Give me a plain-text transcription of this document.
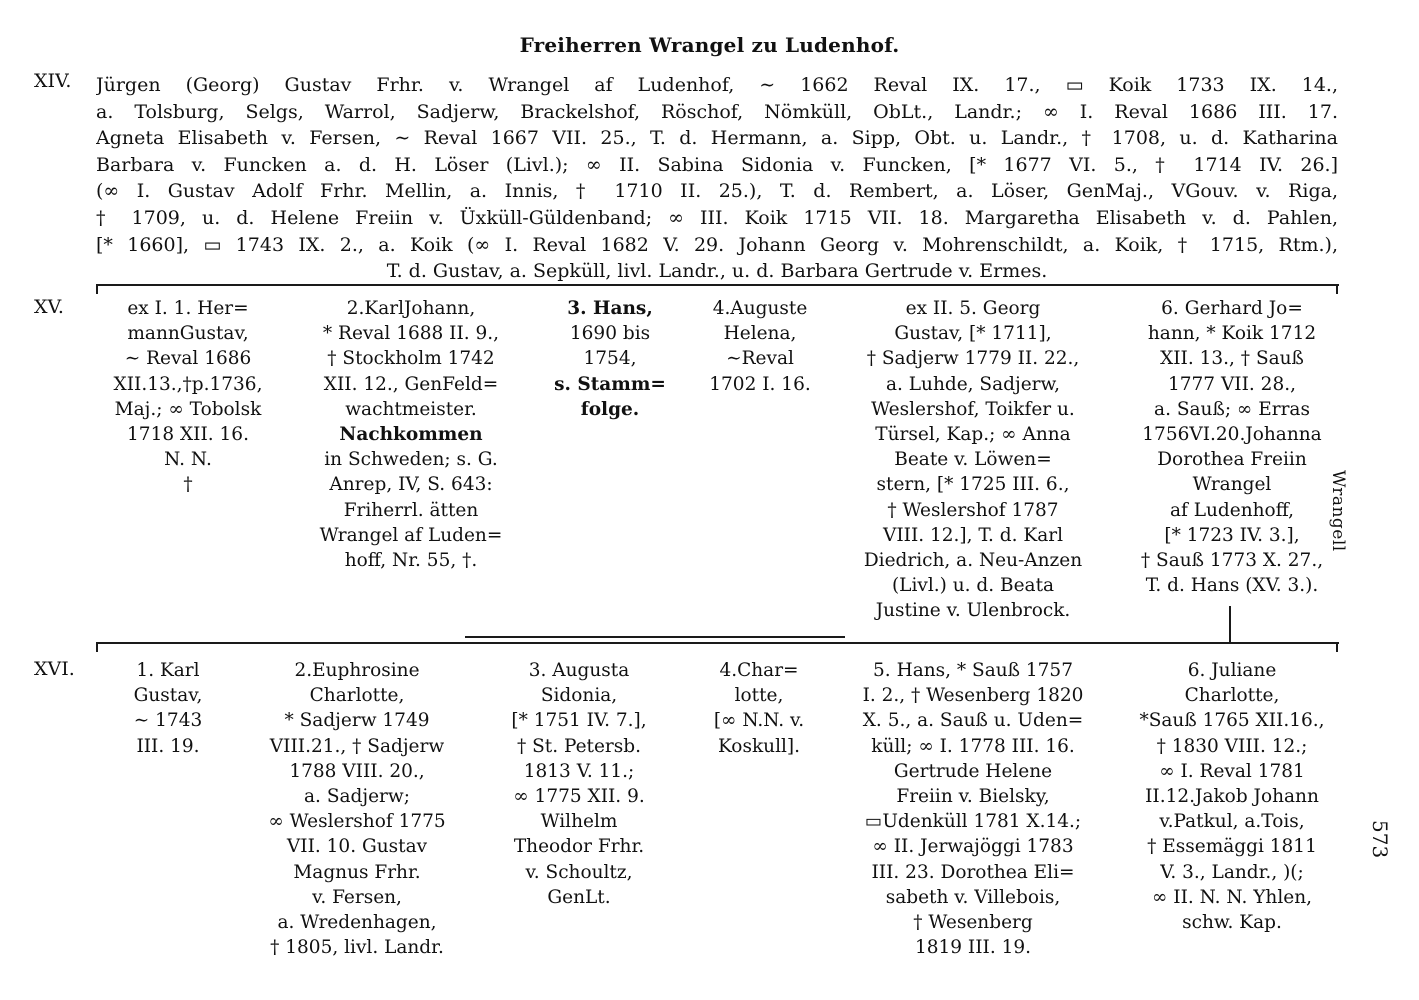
Freiherren Wrangel zu Ludenhof.
XIV. Jürgen (Georg) Gustav Frhr. v. Wrangel af Ludenhof, ∼ 1662 Reval IX. 17., ▭ Koik 1733 IX. 14.,
a. Tolsburg, Selgs, Warrol, Sadjerw, Brackelshof, Röschof, Nömküll, ObLt., Landr.; ∞ I. Reval 1686 III. 17.
Agneta Elisabeth v. Fersen, ∼ Reval 1667 VII. 25., T. d. Hermann, a. Sipp, Obt. u. Landr., † 1708, u. d. Katharina
Barbara v. Funcken a. d. H. Löser (Livl.); ∞ II. Sabina Sidonia v. Funcken, [* 1677 VI. 5., † 1714 IV. 26.]
(∞ I. Gustav Adolf Frhr. Mellin, a. Innis, † 1710 II. 25.), T. d. Rembert, a. Löser, GenMaj., VGouv. v. Riga,
† 1709, u. d. Helene Freiin v. Üxküll-Güldenband; ∞ III. Koik 1715 VII. 18. Margaretha Elisabeth v. d. Pahlen,
[* 1660], ▭ 1743 IX. 2., a. Koik (∞ I. Reval 1682 V. 29. Johann Georg v. Mohrenschildt, a. Koik, † 1715, Rtm.),
T. d. Gustav, a. Sepküll, livl. Landr., u. d. Barbara Gertrude v. Ermes.
XV.	ex I. 1. Her=
mannGustav,
∼ Reval 1686
XII.13.,†p.1736,
Maj.; ∞ Tobolsk
1718 XII. 16.
N. N.
†
2.KarlJohann,
* Reval 1688 II. 9.,
† Stockholm 1742
XII. 12., GenFeld=
wachtmeister.
Nachkommen
in Schweden; s. G.
Anrep, IV, S. 643:
Friherrl. ätten
Wrangel af Luden=
hoff, Nr. 55, †.
3. Hans,
1690 bis
1754,
s. Stamm=
folge.
4.Auguste
Helena,
∼Reval
1702 I. 16.
ex II. 5. Georg
Gustav, [* 1711],
† Sadjerw 1779 II. 22.,
a. Luhde, Sadjerw,
Weslershof, Toikfer u.
Türsel, Kap.; ∞ Anna
Beate v. Löwen=
stern, [* 1725 III. 6.,
† Weslershof 1787
VIII. 12.], T. d. Karl
Diedrich, a. Neu-Anzen
(Livl.) u. d. Beata
Justine v. Ulenbrock.
6. Gerhard Jo=
hann, * Koik 1712
XII. 13., † Sauß
1777 VII. 28.,
a. Sauß; ∞ Erras
1756VI.20.Johanna
Dorothea Freiin
Wrangel
af Ludenhoff,
[* 1723 IV. 3.],
† Sauß 1773 X. 27.,
T. d. Hans (XV. 3.).
XVI.	1. Karl
Gustav,
∼ 1743
III. 19.
2.Euphrosine
Charlotte,
* Sadjerw 1749
VIII.21., † Sadjerw
1788 VIII. 20.,
a. Sadjerw;
∞ Weslershof 1775
VII. 10. Gustav
Magnus Frhr.
v. Fersen,
a. Wredenhagen,
† 1805, livl. Landr.
3. Augusta
Sidonia,
[* 1751 IV. 7.],
† St. Petersb.
1813 V. 11.;
∞ 1775 XII. 9.
Wilhelm
Theodor Frhr.
v. Schoultz,
GenLt.
4.Char=
lotte,
[∞ N.N. v.
Koskull].
5. Hans, * Sauß 1757
I. 2., † Wesenberg 1820
X. 5., a. Sauß u. Uden=
küll; ∞ I. 1778 III. 16.
Gertrude Helene
Freiin v. Bielsky,
▭Udenküll 1781 X.14.;
∞ II. Jerwajöggi 1783
III. 23. Dorothea Eli=
sabeth v. Villebois,
† Wesenberg
1819 III. 19.
6. Juliane
Charlotte,
*Sauß 1765 XII.16.,
† 1830 VIII. 12.;
∞ I. Reval 1781
II.12.Jakob Johann
v.Patkul, a.Tois,
† Essemäggi 1811
V. 3., Landr., )(;
∞ II. N. N. Yhlen,
schw. Kap.
Wrangell
573
